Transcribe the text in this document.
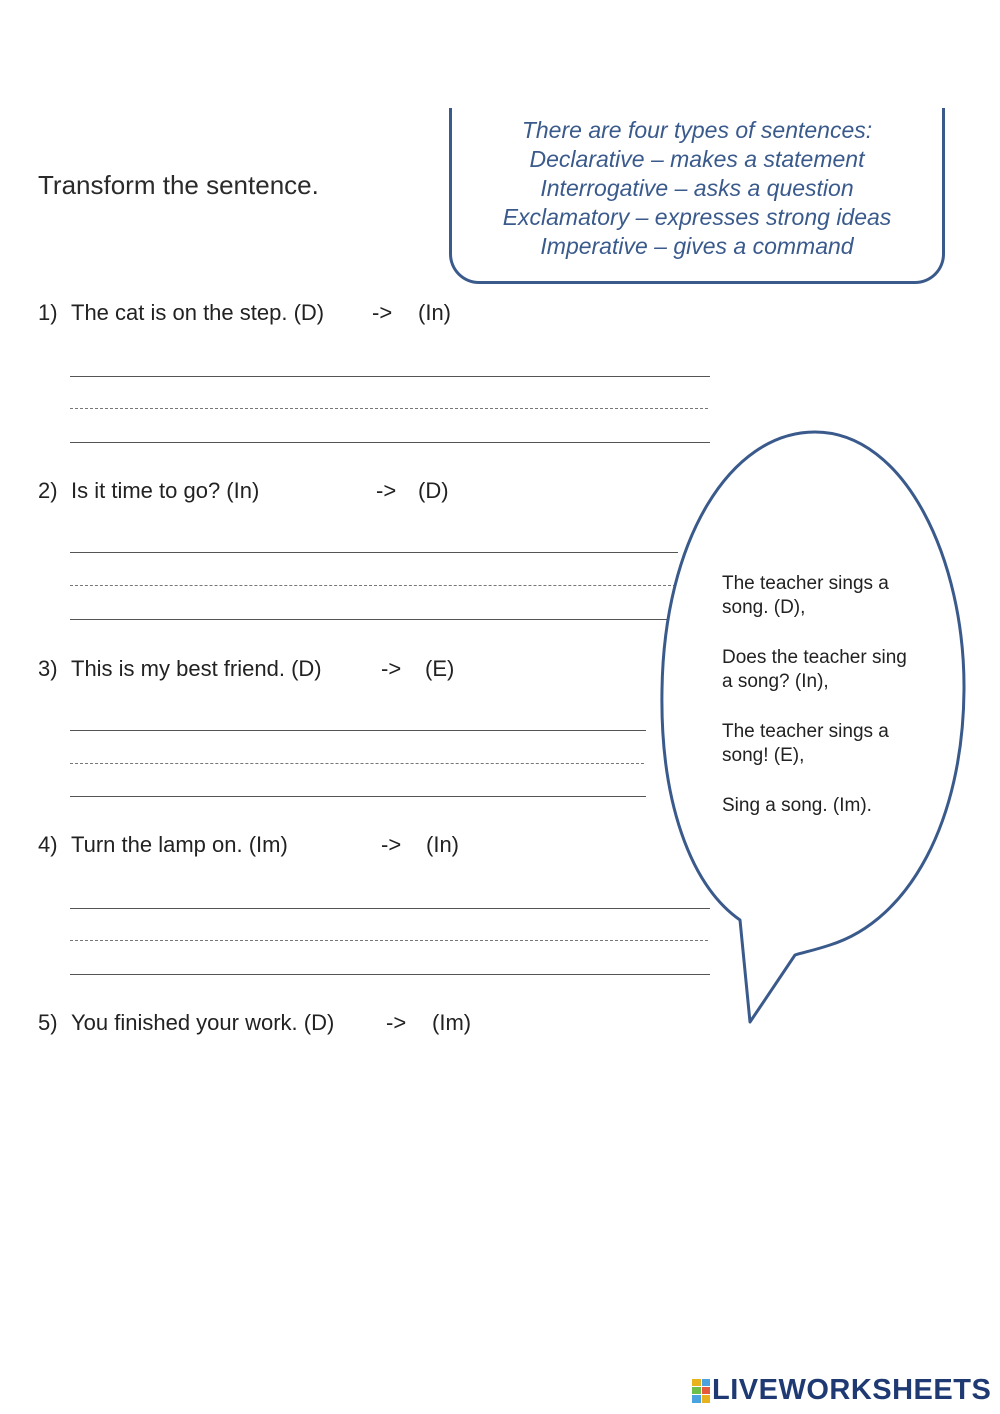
Transform the sentence.
There are four types of sentences:
Declarative – makes a statement
Interrogative – asks a question
Exclamatory – expresses strong ideas
Imperative – gives a command
1) The cat is on the step. (D) -> (In)
2) Is it time to go? (In)	-> (D)
3) This is my best friend. (D)	-> (E)
4) Turn the lamp on. (Im)	-> (In)
5) You finished your work. (D) -> (Im)

The teacher sings a song. (D),

Does the teacher sing a song? (In),

The teacher sings a song! (E),

Sing a song. (Im).

LIVEWORKSHEETS
